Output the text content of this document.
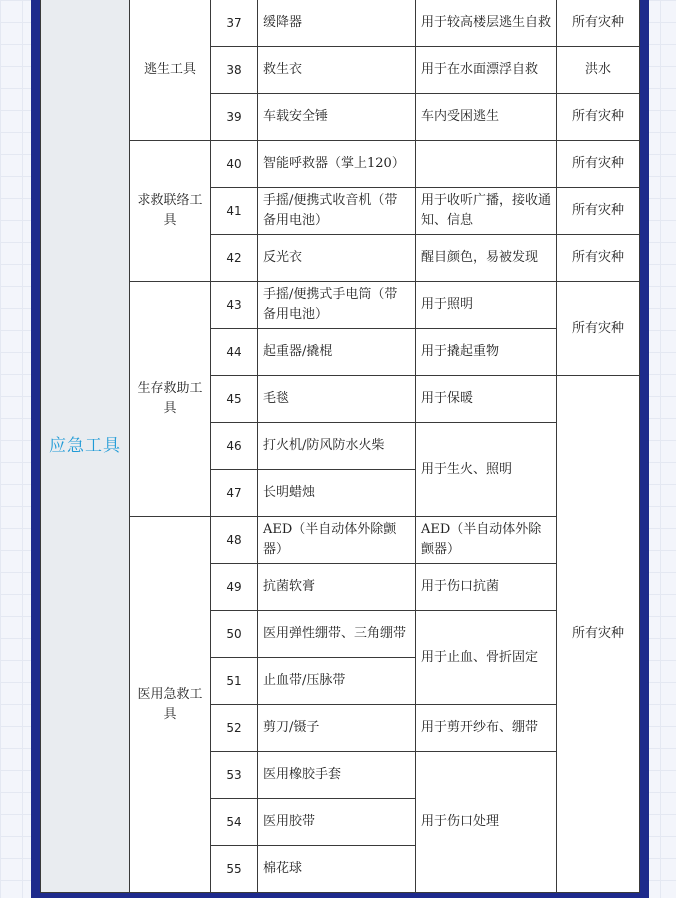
应急工具	逃生工具	37	缓降器	用于较高楼层逃生自救	所有灾种
		38	救生衣	用于在水面漂浮自救	洪水
		39	车载安全锤	车内受困逃生	所有灾种
	求救联络工具	40	智能呼救器（掌上120）		所有灾种
		41	手摇/便携式收音机（带备用电池）	用于收听广播，接收通知、信息	所有灾种
		42	反光衣	醒目颜色，易被发现	所有灾种
	生存救助工具	43	手摇/便携式手电筒（带备用电池）	用于照明	所有灾种
		44	起重器/撬棍	用于撬起重物	
		45	毛毯	用于保暖	所有灾种
		46	打火机/防风防水火柴	用于生火、照明	
		47	长明蜡烛		
	医用急救工具	48	AED（半自动体外除颤器）	AED（半自动体外除颤器）	
		49	抗菌软膏	用于伤口抗菌	
		50	医用弹性绷带、三角绷带	用于止血、骨折固定	
		51	止血带/压脉带		
		52	剪刀/镊子	用于剪开纱布、绷带	
		53	医用橡胶手套	用于伤口处理	
		54	医用胶带		
		55	棉花球		
